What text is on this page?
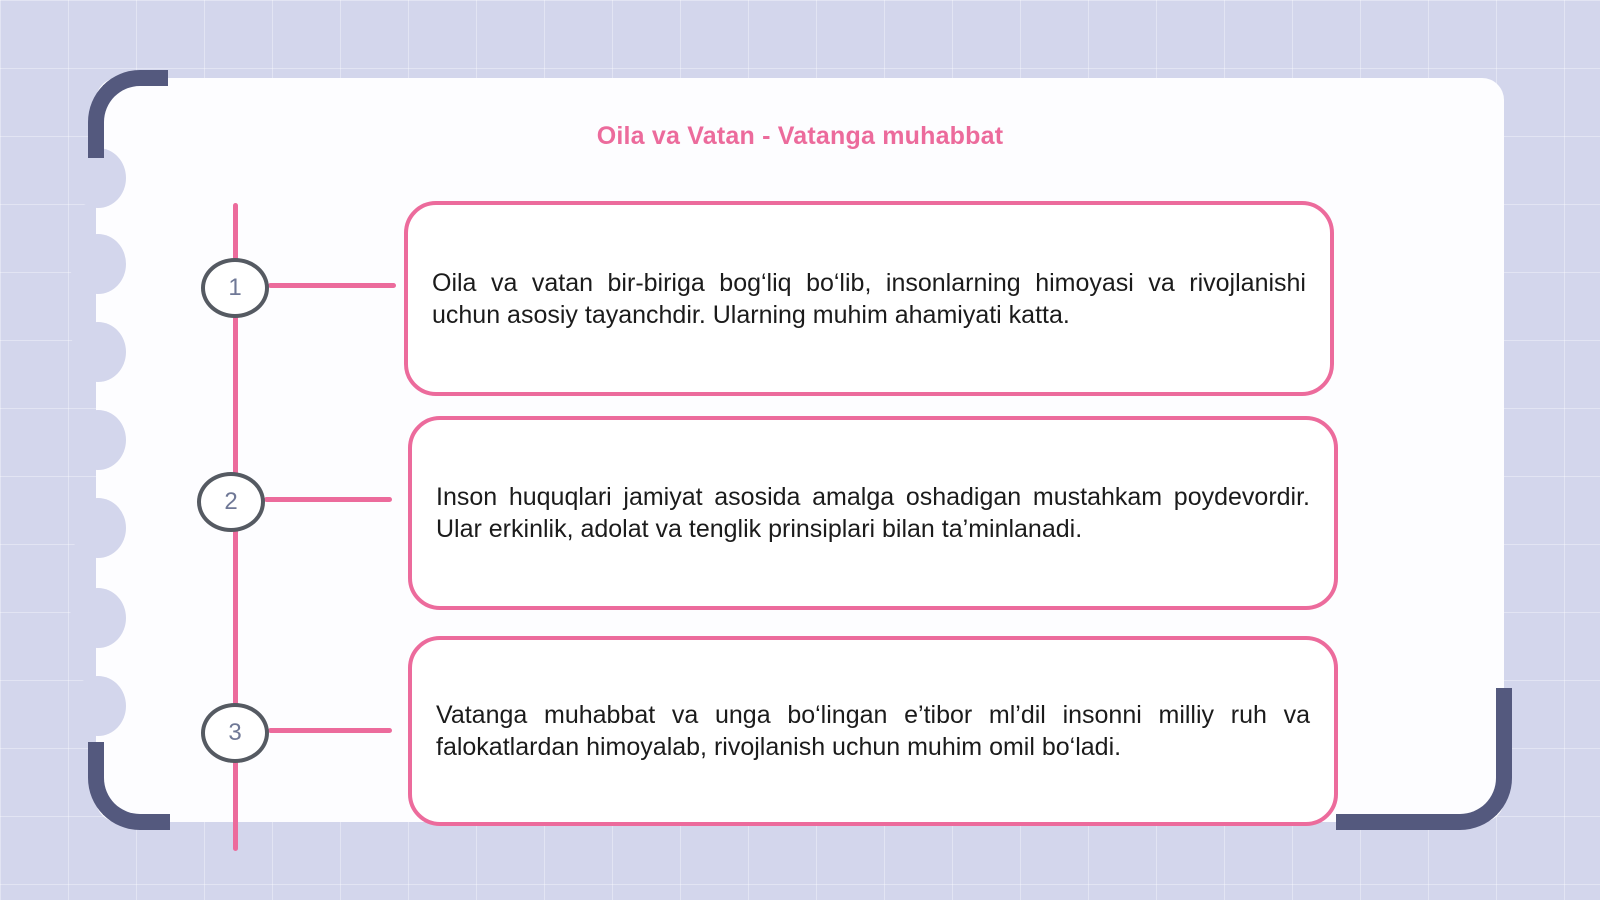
Oila va Vatan - Vatanga muhabbat
1	Oila va vatan bir-biriga bog‘liq bo‘lib, insonlarning himoyasi va rivojlanishi uchun asosiy tayanchdir. Ularning muhim ahamiyati katta.

2	Inson huquqlari jamiyat asosida amalga oshadigan mustahkam poydevordir. Ular erkinlik, adolat va tenglik prinsiplari bilan ta’minlanadi.

3

Vatanga muhabbat va unga bo‘lingan e’tibor ml’dil insonni milliy ruh va falokatlardan himoyalab, rivojlanish uchun muhim omil bo‘ladi.
